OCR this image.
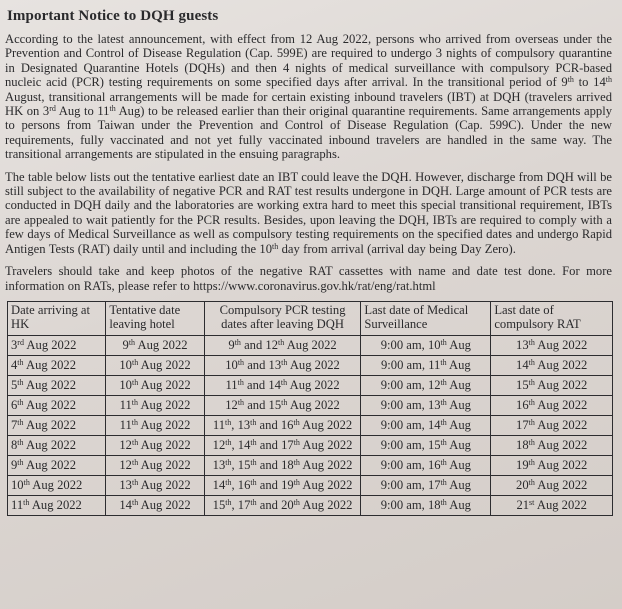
Important Notice to DQH guests

According to the latest announcement, with effect from 12 Aug 2022, persons who arrived from overseas under the Prevention and Control of Disease Regulation (Cap. 599E) are required to undergo 3 nights of compulsory quarantine in Designated Quarantine Hotels (DQHs) and then 4 nights of medical surveillance with compulsory PCR-based nucleic acid (PCR) testing requirements on some specified days after arrival. In the transitional period of 9th to 14th August, transitional arrangements will be made for certain existing inbound travelers (IBT) at DQH (travelers arrived HK on 3rd Aug to 11th Aug) to be released earlier than their original quarantine requirements. Same arrangements apply to persons from Taiwan under the Prevention and Control of Disease Regulation (Cap. 599C). Under the new requirements, fully vaccinated and not yet fully vaccinated inbound travelers are handled in the same way. The transitional arrangements are stipulated in the ensuing paragraphs.

The table below lists out the tentative earliest date an IBT could leave the DQH. However, discharge from DQH will be still subject to the availability of negative PCR and RAT test results undergone in DQH. Large amount of PCR tests are conducted in DQH daily and the laboratories are working extra hard to meet this special transitional requirement, IBTs are appealed to wait patiently for the PCR results. Besides, upon leaving the DQH, IBTs are required to comply with a few days of Medical Surveillance as well as compulsory testing requirements on the specified dates and undergo Rapid Antigen Tests (RAT) daily until and including the 10th day from arrival (arrival day being Day Zero).

Travelers should take and keep photos of the negative RAT cassettes with name and date test done. For more information on RATs, please refer to https://www.coronavirus.gov.hk/rat/eng/rat.html

Date arriving at HK	Tentative date leaving hotel	Compulsory PCR testing dates after leaving DQH	Last date of Medical Surveillance	Last date of compulsory RAT
3rd Aug 2022	9th Aug 2022	9th and 12th Aug 2022	9:00 am, 10th Aug	13th Aug 2022
4th Aug 2022	10th Aug 2022	10th and 13th Aug 2022	9:00 am, 11th Aug	14th Aug 2022
5th Aug 2022	10th Aug 2022	11th and 14th Aug 2022	9:00 am, 12th Aug	15th Aug 2022
6th Aug 2022	11th Aug 2022	12th and 15th Aug 2022	9:00 am, 13th Aug	16th Aug 2022
7th Aug 2022	11th Aug 2022	11th, 13th and 16th Aug 2022	9:00 am, 14th Aug	17th Aug 2022
8th Aug 2022	12th Aug 2022	12th, 14th and 17th Aug 2022	9:00 am, 15th Aug	18th Aug 2022
9th Aug 2022	12th Aug 2022	13th, 15th and 18th Aug 2022	9:00 am, 16th Aug	19th Aug 2022
10th Aug 2022	13th Aug 2022	14th, 16th and 19th Aug 2022	9:00 am, 17th Aug	20th Aug 2022
11th Aug 2022	14th Aug 2022	15th, 17th and 20th Aug 2022	9:00 am, 18th Aug	21st Aug 2022
